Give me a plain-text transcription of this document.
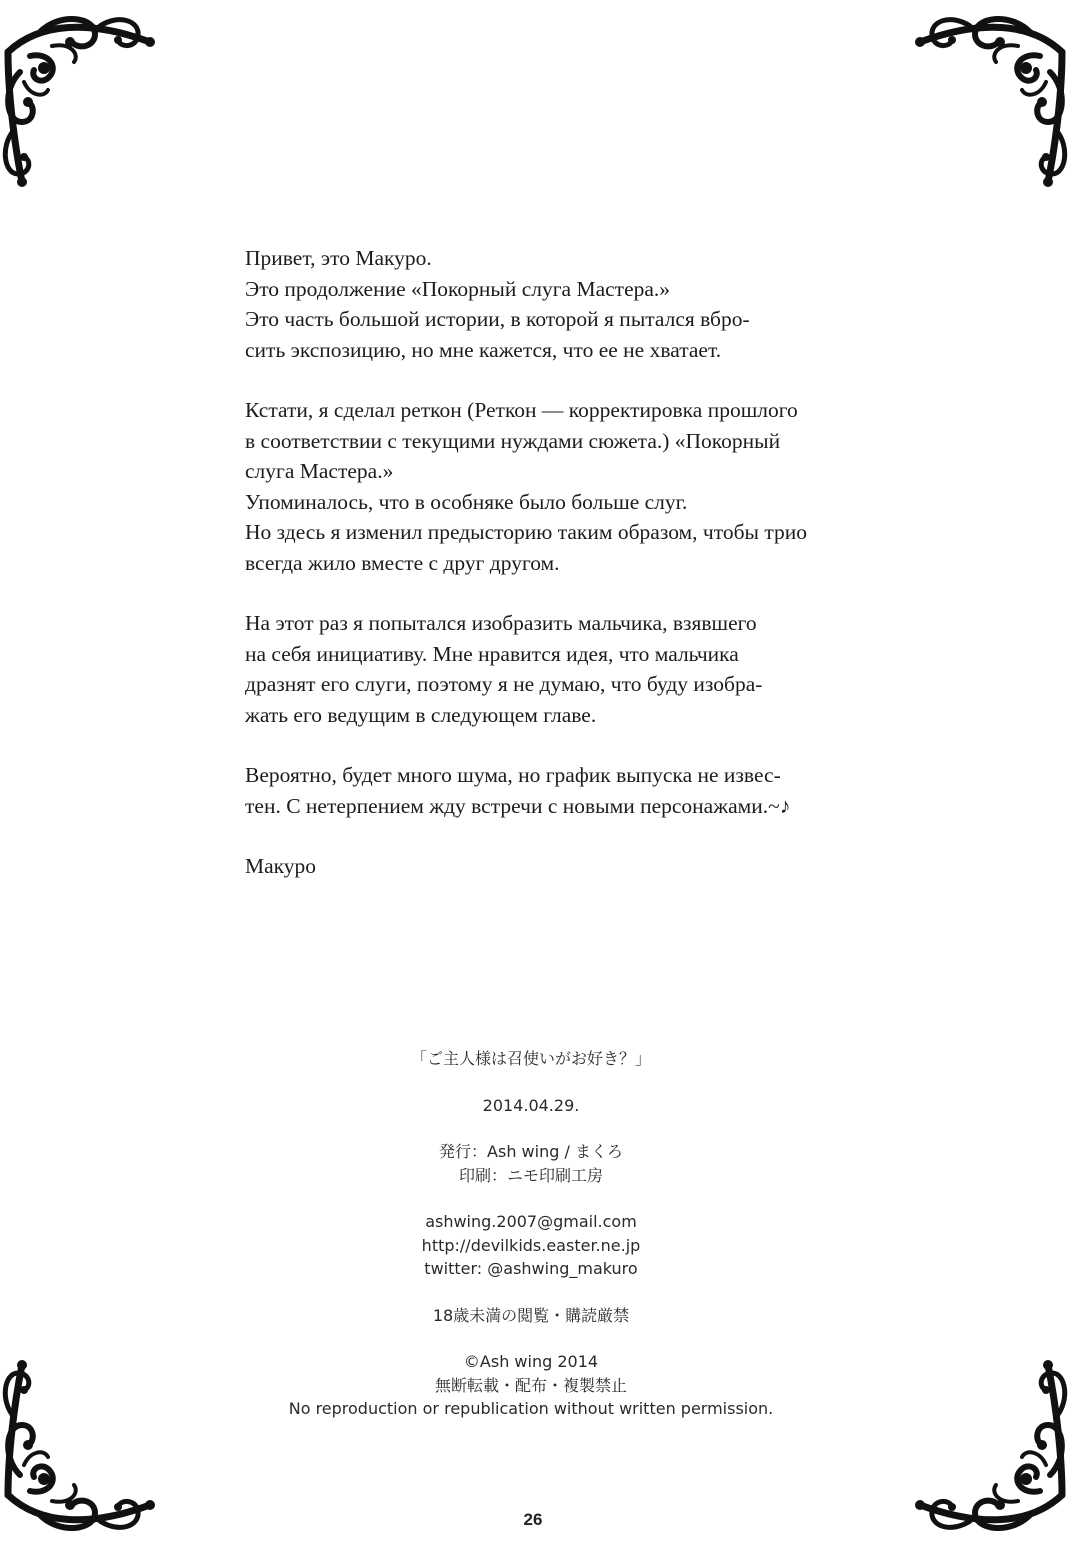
Привет, это Макуро.
Это продолжение «Покорный слуга Мастера.»
Это часть большой истории, в которой я пытался вбро-
сить экспозицию, но мне кажется, что ее не хватает.

Кстати, я сделал реткон (Реткон — корректировка прошлого
в соответствии с текущими нуждами сюжета.) «Покорный
слуга Мастера.»
Упоминалось, что в особняке было больше слуг.
Но здесь я изменил предысторию таким образом, чтобы трио
всегда жило вместе с друг другом.

На этот раз я попытался изобразить мальчика, взявшего
на себя инициативу. Мне нравится идея, что мальчика
дразнят его слуги, поэтому я не думаю, что буду изобра-
жать его ведущим в следующем главе.

Вероятно, будет много шума, но график выпуска не извес-
тен. С нетерпением жду встречи с новыми персонажами.~♪

Макуро

「ご主人様は召使いがお好き？」
2014.04.29.
発行：Ash wing / まくろ
印刷：ニモ印刷工房
ashwing.2007@gmail.com
http://devilkids.easter.ne.jp
twitter: @ashwing_makuro
18歳未満の閲覧・購読厳禁
©Ash wing 2014
無断転載・配布・複製禁止
No reproduction or republication without written permission.
26
